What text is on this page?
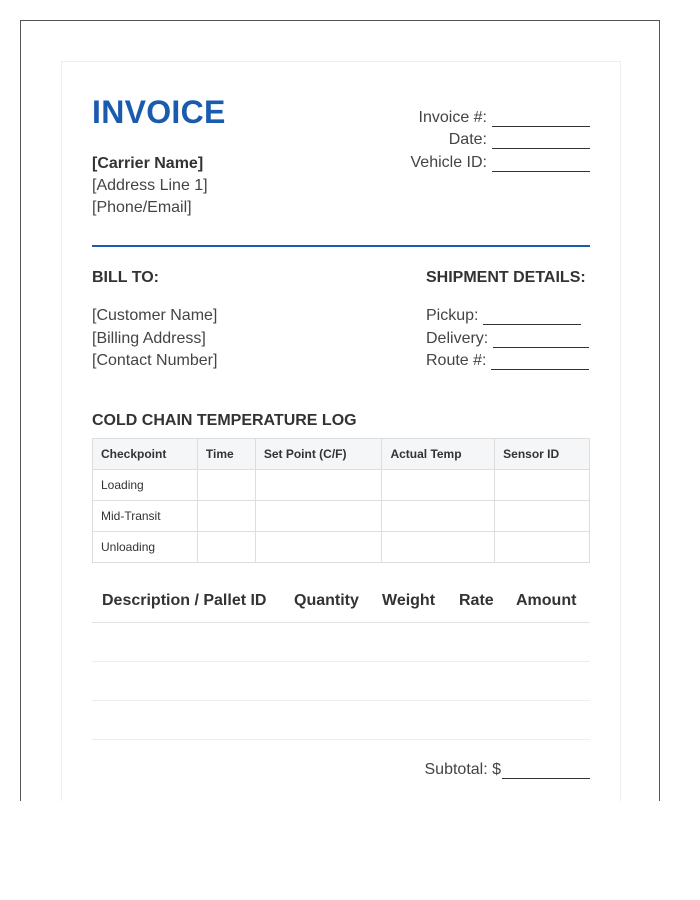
INVOICE
[Carrier Name]
[Address Line 1]
[Phone/Email]
Invoice #:
Date:
Vehicle ID:
BILL TO:
[Customer Name]
[Billing Address]
[Contact Number]
SHIPMENT DETAILS:
Pickup:
Delivery:
Route #:
COLD CHAIN TEMPERATURE LOG
Checkpoint	Time	Set Point (C/F)	Actual Temp	Sensor ID
Loading				
Mid-Transit				
Unloading				
Description / Pallet ID Quantity Weight Rate Amount
Subtotal: $
